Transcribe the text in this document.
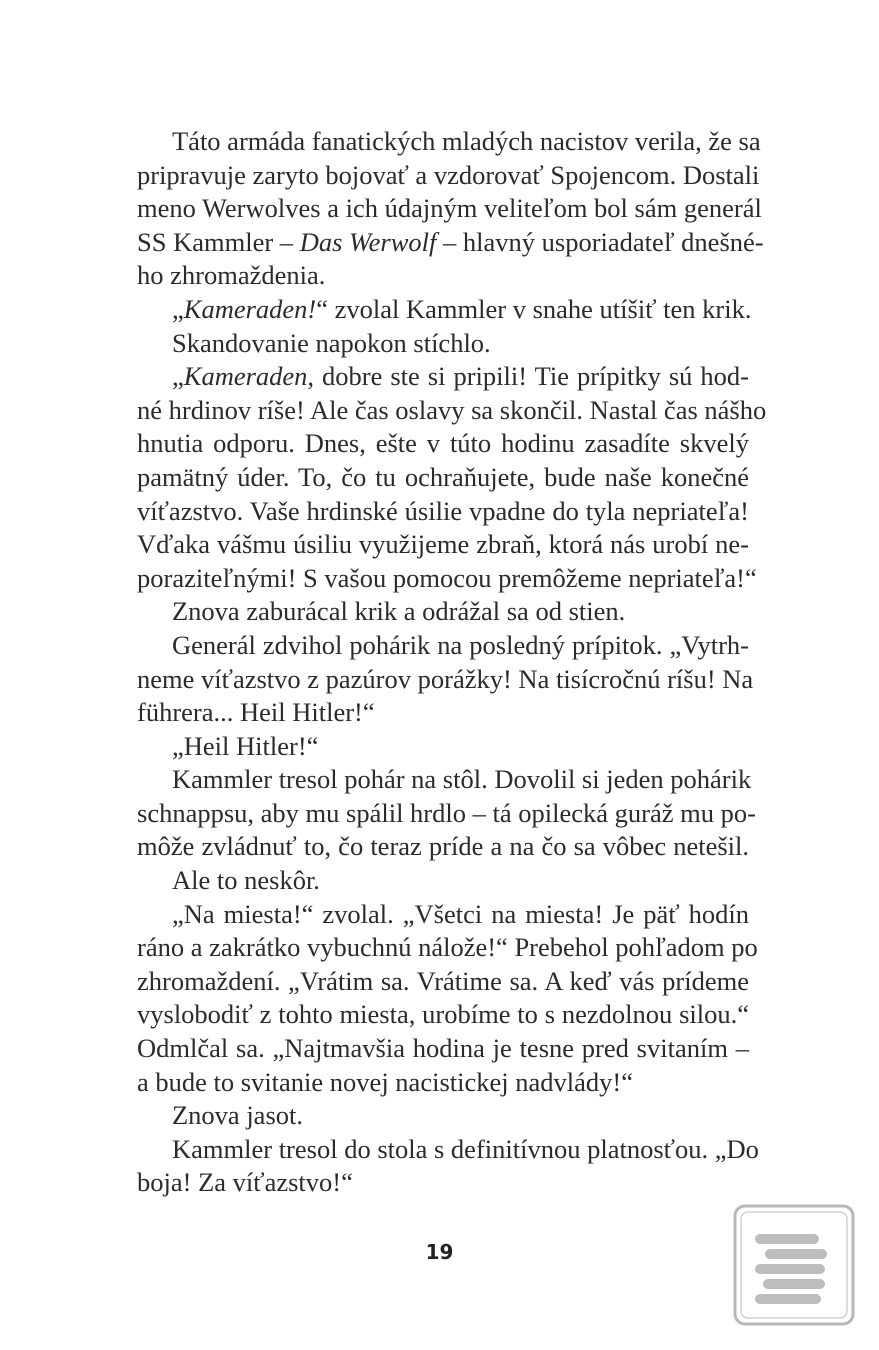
Táto armáda fanatických mladých nacistov verila, že sa
pripravuje zaryto bojovať a vzdorovať Spojencom. Dostali
meno Werwolves a ich údajným veliteľom bol sám generál
SS Kammler – Das Werwolf – hlavný usporiadateľ dnešné-
ho zhromaždenia.
„Kameraden!“ zvolal Kammler v snahe utíšiť ten krik.
Skandovanie napokon stíchlo.
„Kameraden, dobre ste si pripili! Tie prípitky sú hod-
né hrdinov ríše! Ale čas oslavy sa skončil. Nastal čas nášho
hnutia odporu. Dnes, ešte v túto hodinu zasadíte skvelý
pamätný úder. To, čo tu ochraňujete, bude naše konečné
víťazstvo. Vaše hrdinské úsilie vpadne do tyla nepriateľa!
Vďaka vášmu úsiliu využijeme zbraň, ktorá nás urobí ne-
poraziteľnými! S vašou pomocou premôžeme nepriateľa!“
Znova zaburácal krik a odrážal sa od stien.
Generál zdvihol pohárik na posledný prípitok. „Vytrh-
neme víťazstvo z pazúrov porážky! Na tisícročnú ríšu! Na
führera... Heil Hitler!“
„Heil Hitler!“
Kammler tresol pohár na stôl. Dovolil si jeden pohárik
schnappsu, aby mu spálil hrdlo – tá opilecká guráž mu po-
môže zvládnuť to, čo teraz príde a na čo sa vôbec netešil.
Ale to neskôr.
„Na miesta!“ zvolal. „Všetci na miesta! Je päť hodín
ráno a zakrátko vybuchnú nálože!“ Prebehol pohľadom po
zhromaždení. „Vrátim sa. Vrátime sa. A keď vás prídeme
vyslobodiť z tohto miesta, urobíme to s nezdolnou silou.“
Odmlčal sa. „Najtmavšia hodina je tesne pred svitaním –
a bude to svitanie novej nacistickej nadvlády!“
Znova jasot.
Kammler tresol do stola s definitívnou platnosťou. „Do
boja! Za víťazstvo!“
19
